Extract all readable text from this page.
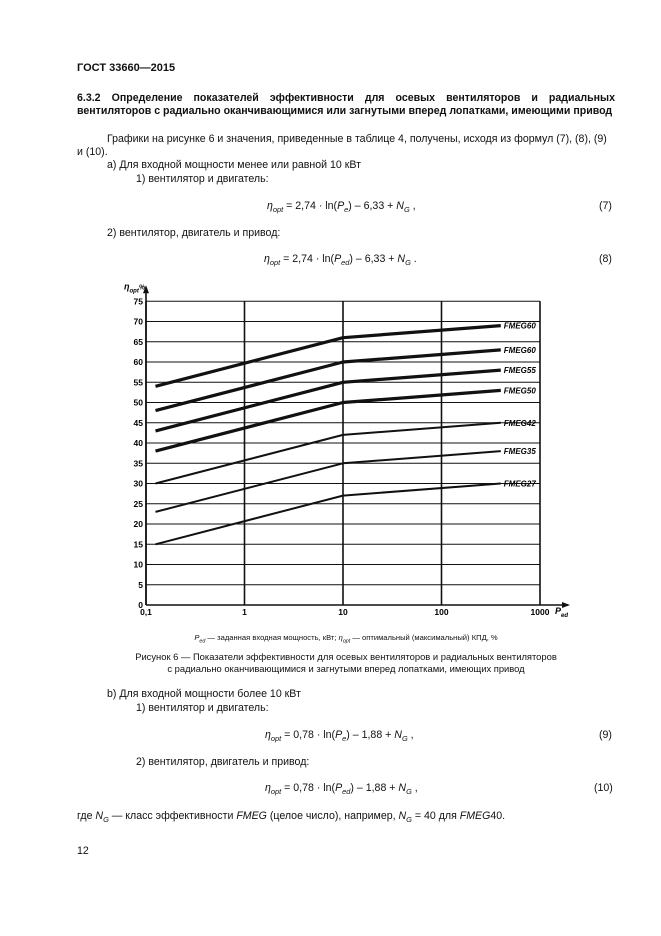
ГОСТ 33660—2015
6.3.2 Определение показателей эффективности для осевых вентиляторов и радиальных вентиляторов с радиально оканчивающимися или загнутыми вперед лопатками, имеющими привод
Графики на рисунке 6 и значения, приведенные в таблице 4, получены, исходя из формул (7), (8), (9) и (10).
а) Для входной мощности менее или равной 10 кВт
1) вентилятор и двигатель:
$\eta_{opt} = 2,74 \cdot \ln(P_e) - 6,33 + N_G$ ,	(7)
2) вентилятор, двигатель и привод:
$\eta_{opt} = 2,74 \cdot \ln(P_{ed}) - 6,33 + N_G$ .	(8)
0
5
10
15
20
25
30
35
40
45
50
55
60
65
70
75
0,1	1	10	100	1000
FMEG60
FMEG60
FMEG55
FMEG50
FMEG42
FMEG35
FMEG27
$\eta_{opt}^{\%}$
$P_{ed}$
$P_{ed}$ — заданная входная мощность, кВт; $\eta_{opt}$ — оптимальный (максимальный) КПД, %
Рисунок 6 — Показатели эффективности для осевых вентиляторов и радиальных вентиляторов
с радиально оканчивающимися и загнутыми вперед лопатками, имеющих привод
b) Для входной мощности более 10 кВт
1) вентилятор и двигатель:
$\eta_{opt} = 0,78 \cdot \ln(P_e) - 1,88 + N_G$ ,	(9)
2) вентилятор, двигатель и привод:
$\eta_{opt} = 0,78 \cdot \ln(P_{ed}) - 1,88 + N_G$ ,	(10)
где $N_G$ — класс эффективности FMEG (целое число), например, $N_G = 40$ для FMEG40.
12
